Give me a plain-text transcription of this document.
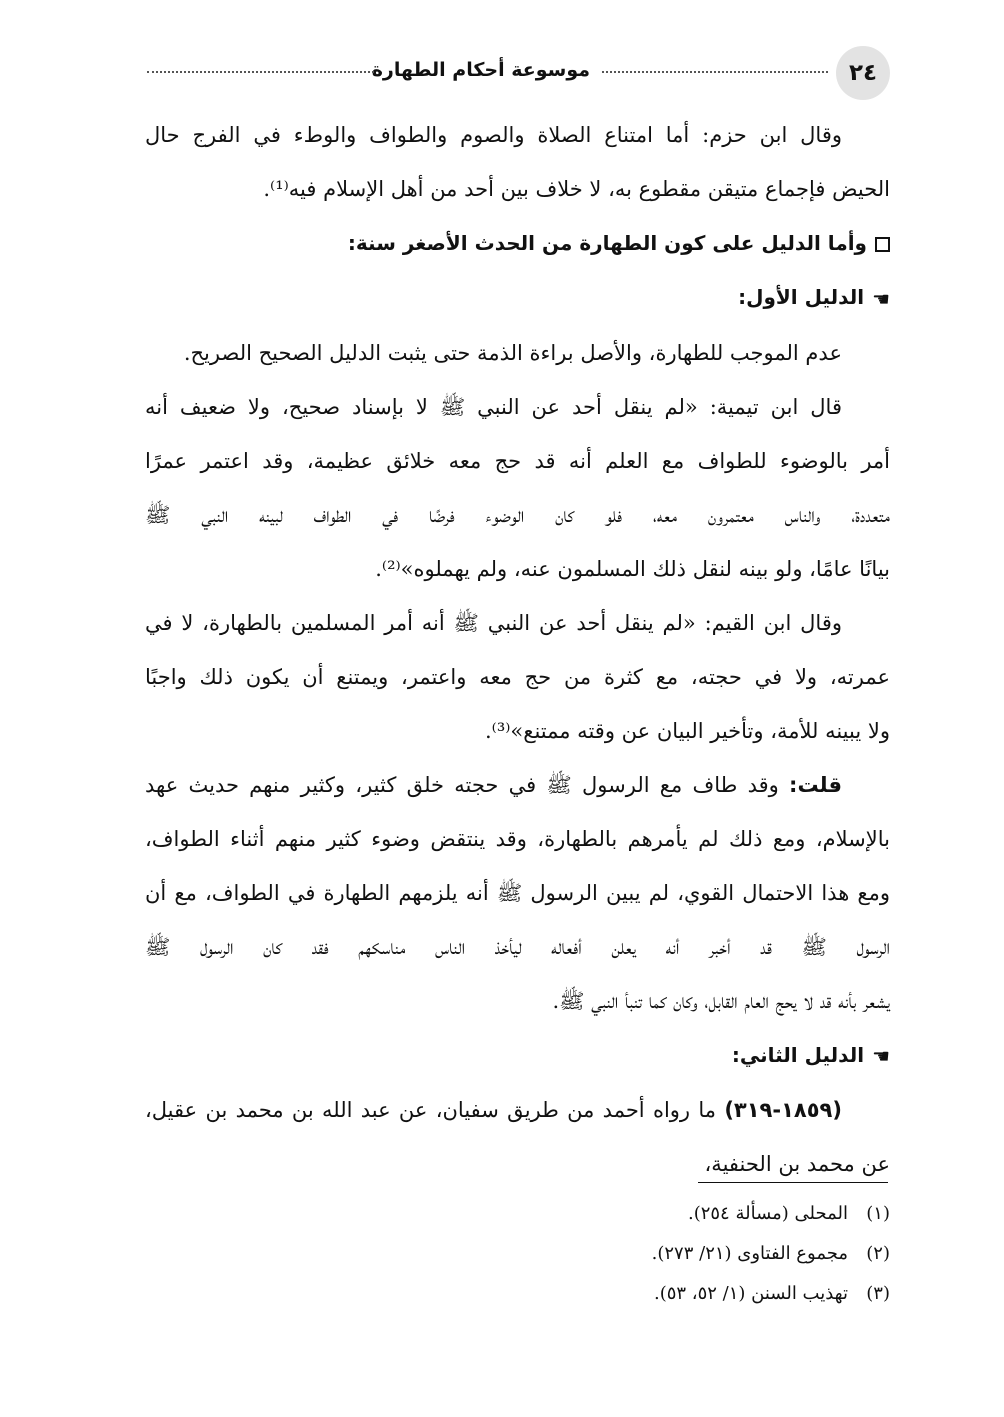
٢٤
موسوعة أحكام الطهارة

وقال ابن حزم: أما امتناع الصلاة والصوم والطواف والوطء في الفرج حال

الحيض فإجماع متيقن مقطوع به، لا خلاف بين أحد من أهل الإسلام فيه⁽¹⁾.

وأما الدليل على كون الطهارة من الحدث الأصغر سنة:

☚الدليل الأول:

عدم الموجب للطهارة، والأصل براءة الذمة حتى يثبت الدليل الصحيح الصريح.

قال ابن تيمية: «لم ينقل أحد عن النبي ﷺ لا بإسناد صحيح، ولا ضعيف أنه

أمر بالوضوء للطواف مع العلم أنه قد حج معه خلائق عظيمة، وقد اعتمر عمرًا

متعددة، والناس معتمرون معه، فلو كان الوضوء فرضًا في الطواف لبينه النبي ﷺ

بيانًا عامًا، ولو بينه لنقل ذلك المسلمون عنه، ولم يهملوه»⁽²⁾.

وقال ابن القيم: «لم ينقل أحد عن النبي ﷺ أنه أمر المسلمين بالطهارة، لا في

عمرته، ولا في حجته، مع كثرة من حج معه واعتمر، ويمتنع أن يكون ذلك واجبًا

ولا يبينه للأمة، وتأخير البيان عن وقته ممتنع»⁽³⁾.

قلت: وقد طاف مع الرسول ﷺ في حجته خلق كثير، وكثير منهم حديث عهد

بالإسلام، ومع ذلك لم يأمرهم بالطهارة، وقد ينتقض وضوء كثير منهم أثناء الطواف،

ومع هذا الاحتمال القوي، لم يبين الرسول ﷺ أنه يلزمهم الطهارة في الطواف، مع أن

الرسول ﷺ قد أخبر أنه يعلن أفعاله ليأخذ الناس مناسكهم فقد كان الرسول ﷺ

يشعر بأنه قد لا يحج العام القابل، وكان كما تنبأ النبي ﷺ.

☚الدليل الثاني:

(١٨٥٩-٣١٩) ما رواه أحمد من طريق سفيان، عن عبد الله بن محمد بن عقيل،

عن محمد بن الحنفية،

(١)المحلى (مسألة ٢٥٤).

(٢)مجموع الفتاوى (٢١/ ٢٧٣).

(٣)تهذيب السنن (١/ ٥٢، ٥٣).
